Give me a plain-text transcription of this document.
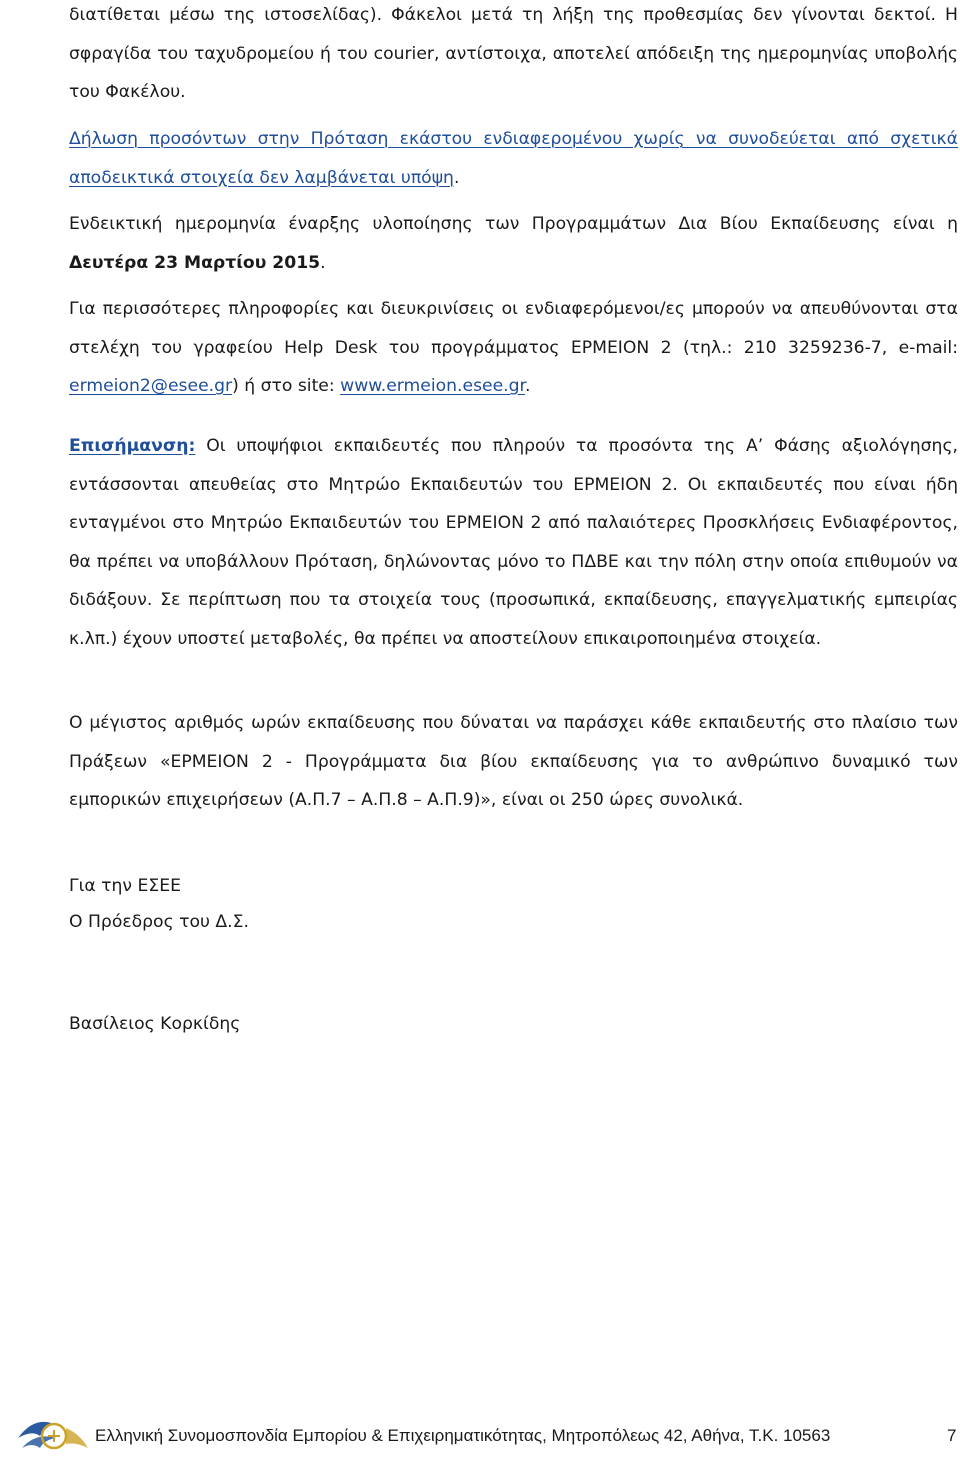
διατίθεται μέσω της ιστοσελίδας). Φάκελοι μετά τη λήξη της προθεσμίας δεν γίνονται δεκτοί. Η σφραγίδα του ταχυδρομείου ή του courier, αντίστοιχα, αποτελεί απόδειξη της ημερομηνίας υποβολής του Φακέλου.

Δήλωση προσόντων στην Πρόταση εκάστου ενδιαφερομένου χωρίς να συνοδεύεται από σχετικά αποδεικτικά στοιχεία δεν λαμβάνεται υπόψη.

Ενδεικτική ημερομηνία έναρξης υλοποίησης των Προγραμμάτων Δια Βίου Εκπαίδευσης είναι η Δευτέρα 23 Μαρτίου 2015.

Για περισσότερες πληροφορίες και διευκρινίσεις οι ενδιαφερόμενοι/ες μπορούν να απευθύνονται στα στελέχη του γραφείου Help Desk του προγράμματος ΕΡΜΕΙΟΝ 2 (τηλ.: 210 3259236-7, e-mail: ermeion2@esee.gr) ή στο site: www.ermeion.esee.gr.

Επισήμανση: Οι υποψήφιοι εκπαιδευτές που πληρούν τα προσόντα της Α’ Φάσης αξιολόγησης, εντάσσονται απευθείας στο Μητρώο Εκπαιδευτών του ΕΡΜΕΙΟΝ 2. Οι εκπαιδευτές που είναι ήδη ενταγμένοι στο Μητρώο Εκπαιδευτών του ΕΡΜΕΙΟΝ 2 από παλαιότερες Προσκλήσεις Ενδιαφέροντος, θα πρέπει να υποβάλλουν Πρόταση, δηλώνοντας μόνο το ΠΔΒΕ και την πόλη στην οποία επιθυμούν να διδάξουν. Σε περίπτωση που τα στοιχεία τους (προσωπικά, εκπαίδευσης, επαγγελματικής εμπειρίας κ.λπ.) έχουν υποστεί μεταβολές, θα πρέπει να αποστείλουν επικαιροποιημένα στοιχεία.

Ο μέγιστος αριθμός ωρών εκπαίδευσης που δύναται να παράσχει κάθε εκπαιδευτής στο πλαίσιο των Πράξεων «ΕΡΜΕΙΟΝ 2 - Προγράμματα δια βίου εκπαίδευσης για το ανθρώπινο δυναμικό των εμπορικών επιχειρήσεων (Α.Π.7 – Α.Π.8 – Α.Π.9)», είναι οι 250 ώρες συνολικά.

Για την ΕΣΕΕ

Ο Πρόεδρος του Δ.Σ.

Βασίλειος Κορκίδης

Ελληνική Συνομοσπονδία Εμπορίου & Επιχειρηματικότητας, Μητροπόλεως 42, Αθήνα, Τ.Κ. 10563	7
